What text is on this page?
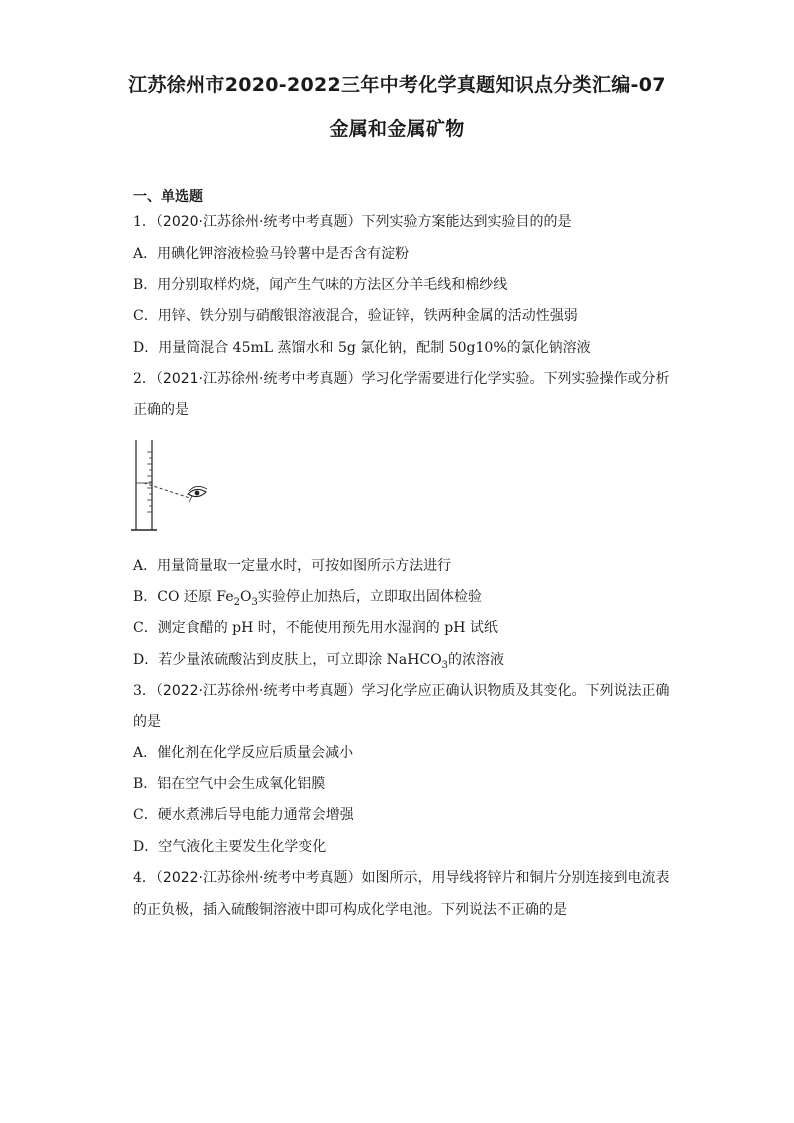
江苏徐州市2020-2022三年中考化学真题知识点分类汇编-07
金属和金属矿物
一、单选题
1．（2020·江苏徐州·统考中考真题）下列实验方案能达到实验目的的是
A．用碘化钾溶液检验马铃薯中是否含有淀粉
B．用分别取样灼烧，闻产生气味的方法区分羊毛线和棉纱线
C．用锌、铁分别与硝酸银溶液混合，验证锌，铁两种金属的活动性强弱
D．用量筒混合 45mL 蒸馏水和 5g 氯化钠，配制 50g10%的氯化钠溶液
2．（2021·江苏徐州·统考中考真题）学习化学需要进行化学实验。下列实验操作或分析
正确的是
A．用量筒量取一定量水时，可按如图所示方法进行
B．CO 还原 $Fe_2O_3$实验停止加热后，立即取出固体检验
C．测定食醋的 pH 时，不能使用预先用水湿润的 pH 试纸
D．若少量浓硫酸沾到皮肤上，可立即涂 NaHCO$_3$的浓溶液
3．（2022·江苏徐州·统考中考真题）学习化学应正确认识物质及其变化。下列说法正确
的是
A．催化剂在化学反应后质量会减小
B．铝在空气中会生成氧化铝膜
C．硬水煮沸后导电能力通常会增强
D．空气液化主要发生化学变化
4．（2022·江苏徐州·统考中考真题）如图所示，用导线将锌片和铜片分别连接到电流表
的正负极，插入硫酸铜溶液中即可构成化学电池。下列说法不正确的是
